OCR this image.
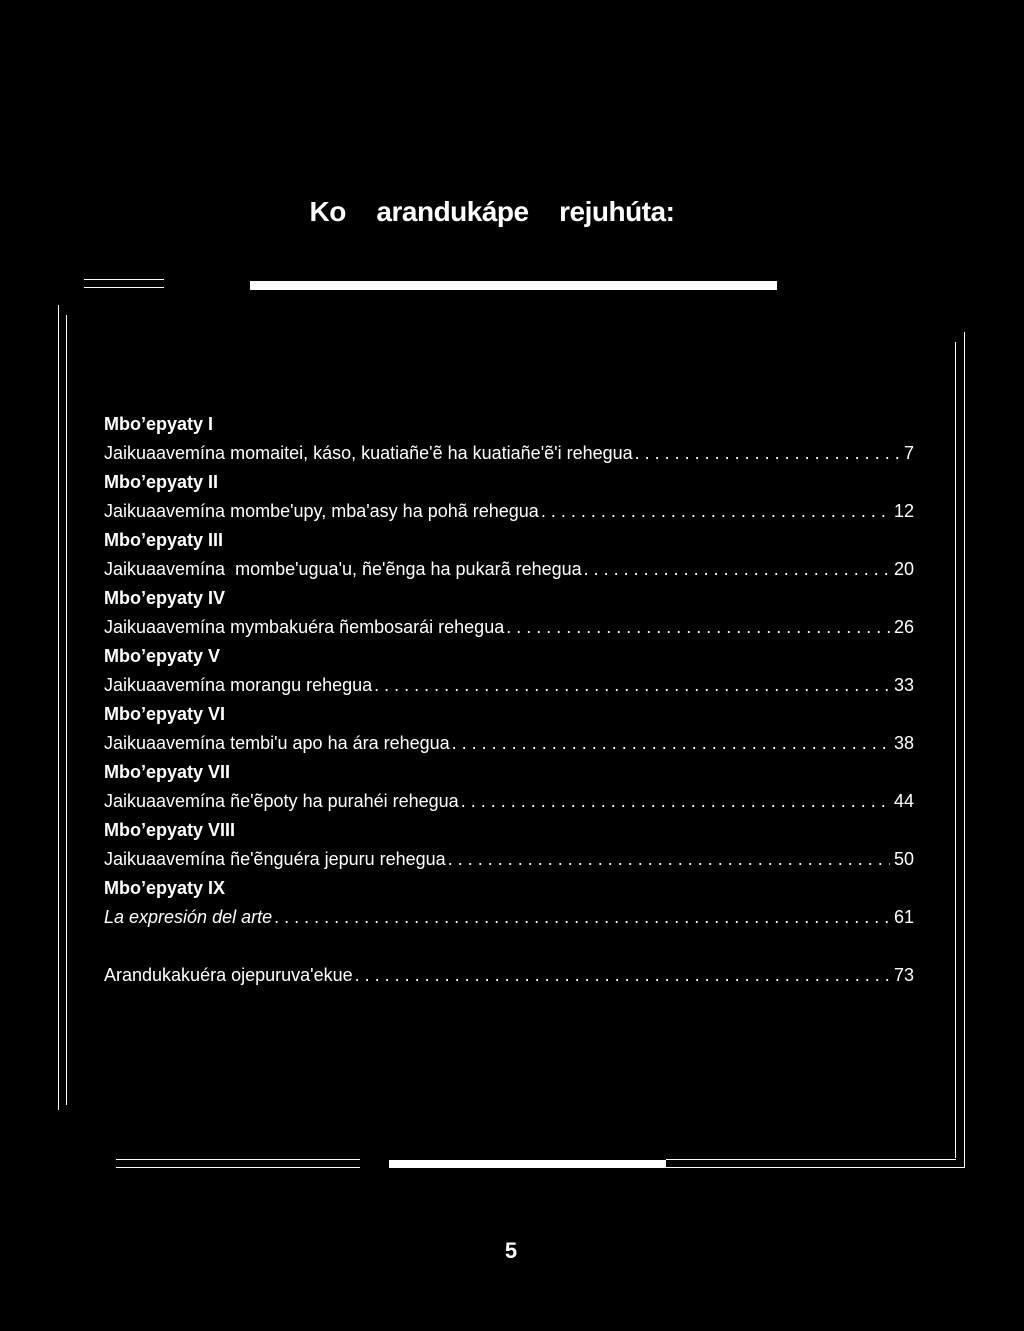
Ko  arandukápe  rejuhúta:
Mbo’epyaty I
Jaikuaavemína momaitei, káso, kuatiañe'ẽ ha kuatiañe'ẽ'i rehegua . . .	7
Mbo’epyaty II
Jaikuaavemína mombe'upy, mba'asy ha pohã rehegua . . .	12
Mbo’epyaty III
Jaikuaavemína  mombe'ugua'u, ñe'ẽnga ha pukarã rehegua . . .	20
Mbo’epyaty IV
Jaikuaavemína mymbakuéra ñembosarái rehegua . . .	26
Mbo’epyaty V
Jaikuaavemína morangu rehegua . . .	33
Mbo’epyaty VI
Jaikuaavemína tembi'u apo ha ára rehegua . . .	38
Mbo’epyaty VII
Jaikuaavemína ñe'ẽpoty ha purahéi rehegua . . .	44
Mbo’epyaty VIII
Jaikuaavemína ñe'ẽnguéra jepuru rehegua . . .	50
Mbo’epyaty IX
La expresión del arte . . .	61
Arandukakuéra ojepuruva'ekue . . .	73
5
